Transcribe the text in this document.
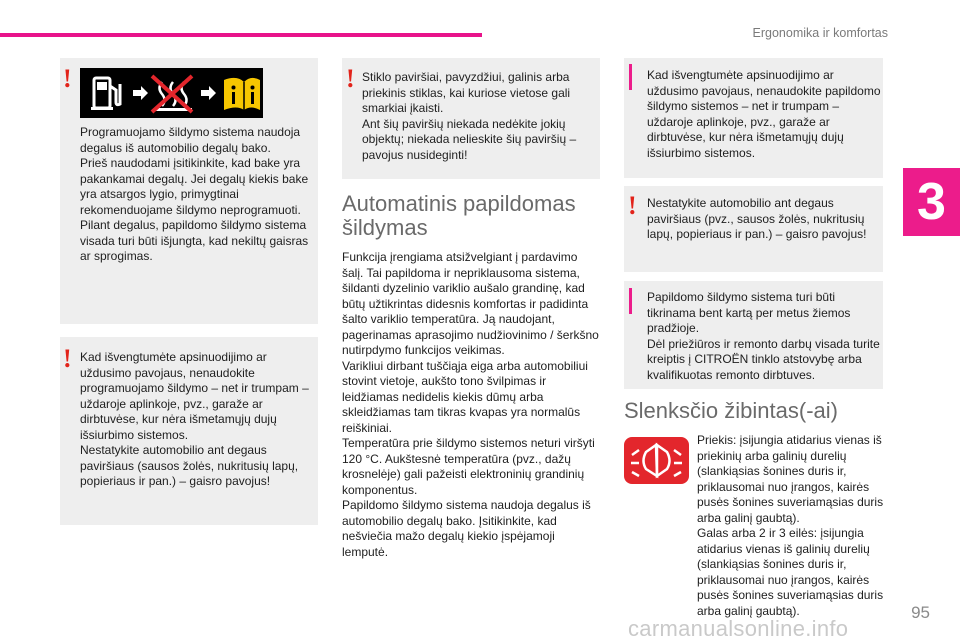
Ergonomika ir komfortas
3
!
Programuojamo šildymo sistema naudoja degalus iš automobilio degalų bako.
Prieš naudodami įsitikinkite, kad bake yra pakankamai degalų. Jei degalų kiekis bake yra atsargos lygio, primygtinai rekomenduojame šildymo neprogramuoti.
Pilant degalus, papildomo šildymo sistema visada turi būti išjungta, kad nekiltų gaisras ar sprogimas.
! Kad išvengtumėte apsinuodijimo ar uždusimo pavojaus, nenaudokite programuojamo šildymo – net ir trumpam – uždaroje aplinkoje, pvz., garaže ar dirbtuvėse, kur nėra išmetamųjų dujų išsiurbimo sistemos.
Nestatykite automobilio ant degaus paviršiaus (sausos žolės, nukritusių lapų, popieriaus ir pan.) – gaisro pavojus!
! Stiklo paviršiai, pavyzdžiui, galinis arba priekinis stiklas, kai kuriose vietose gali smarkiai įkaisti.
Ant šių paviršių niekada nedėkite jokių objektų; niekada nelieskite šių paviršių – pavojus nusideginti!
Automatinis papildomas šildymas
Funkcija įrengiama atsižvelgiant į pardavimo šalį. Tai papildoma ir nepriklausoma sistema, šildanti dyzelinio variklio aušalo grandinę, kad būtų užtikrintas didesnis komfortas ir padidinta šalto variklio temperatūra. Ją naudojant, pagerinamas aprasojimo nudžiovinimo / šerkšno nutirpdymo funkcijos veikimas.
Varikliui dirbant tuščiąja eiga arba automobiliui stovint vietoje, aukšto tono švilpimas ir leidžiamas nedidelis kiekis dūmų arba skleidžiamas tam tikras kvapas yra normalūs reiškiniai.
Temperatūra prie šildymo sistemos neturi viršyti 120 °C. Aukštesnė temperatūra (pvz., dažų krosnelėje) gali pažeisti elektroninių grandinių komponentus.
Papildomo šildymo sistema naudoja degalus iš automobilio degalų bako. Įsitikinkite, kad nešviečia mažo degalų kiekio įspėjamoji lemputė.
Kad išvengtumėte apsinuodijimo ar uždusimo pavojaus, nenaudokite papildomo šildymo sistemos – net ir trumpam – uždaroje aplinkoje, pvz., garaže ar dirbtuvėse, kur nėra išmetamųjų dujų išsiurbimo sistemos.
! Nestatykite automobilio ant degaus paviršiaus (pvz., sausos žolės, nukritusių lapų, popieriaus ir pan.) – gaisro pavojus!
Papildomo šildymo sistema turi būti tikrinama bent kartą per metus žiemos pradžioje.
Dėl priežiūros ir remonto darbų visada turite kreiptis į CITROËN tinklo atstovybę arba kvalifikuotas remonto dirbtuves.
Slenksčio žibintas(-ai)
Priekis: įsijungia atidarius vienas iš priekinių arba galinių durelių (slankiąsias šonines duris ir, priklausomai nuo įrangos, kairės pusės šonines suveriamąsias duris arba galinį gaubtą).
Galas arba 2 ir 3 eilės: įsijungia atidarius vienas iš galinių durelių (slankiąsias šonines duris ir, priklausomai nuo įrangos, kairės pusės šonines suveriamąsias duris arba galinį gaubtą).	95
carmanualsonline.info
